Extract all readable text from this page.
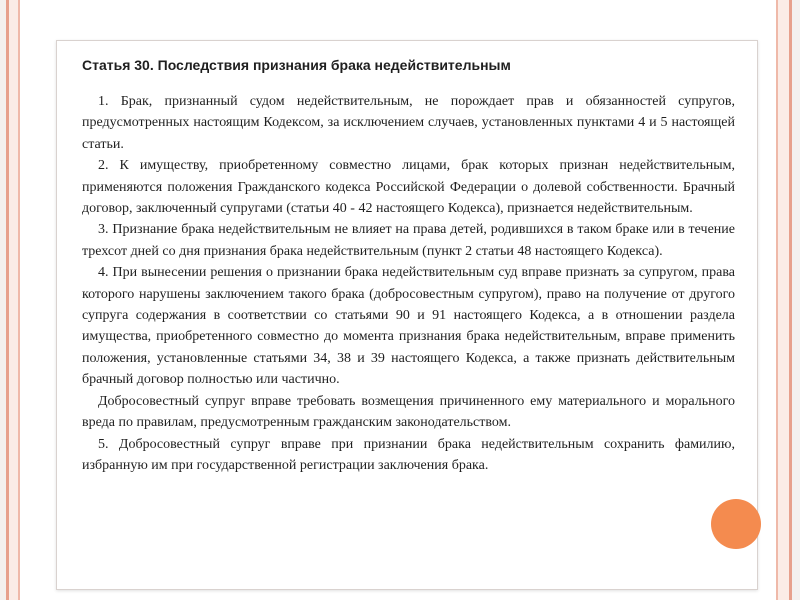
Статья 30. Последствия признания брака недействительным

1. Брак, признанный судом недействительным, не порождает прав и обязанностей супругов, предусмотренных настоящим Кодексом, за исключением случаев, установленных пунктами 4 и 5 настоящей статьи.

2. К имуществу, приобретенному совместно лицами, брак которых признан недействительным, применяются положения Гражданского кодекса Российской Федерации о долевой собственности. Брачный договор, заключенный супругами (статьи 40 - 42 настоящего Кодекса), признается недействительным.

3. Признание брака недействительным не влияет на права детей, родившихся в таком браке или в течение трехсот дней со дня признания брака недействительным (пункт 2 статьи 48 настоящего Кодекса).

4. При вынесении решения о признании брака недействительным суд вправе признать за супругом, права которого нарушены заключением такого брака (добросовестным супругом), право на получение от другого супруга содержания в соответствии со статьями 90 и 91 настоящего Кодекса, а в отношении раздела имущества, приобретенного совместно до момента признания брака недействительным, вправе применить положения, установленные статьями 34, 38 и 39 настоящего Кодекса, а также признать действительным брачный договор полностью или частично.

Добросовестный супруг вправе требовать возмещения причиненного ему материального и морального вреда по правилам, предусмотренным гражданским законодательством.

5. Добросовестный супруг вправе при признании брака недействительным сохранить фамилию, избранную им при государственной регистрации заключения брака.
